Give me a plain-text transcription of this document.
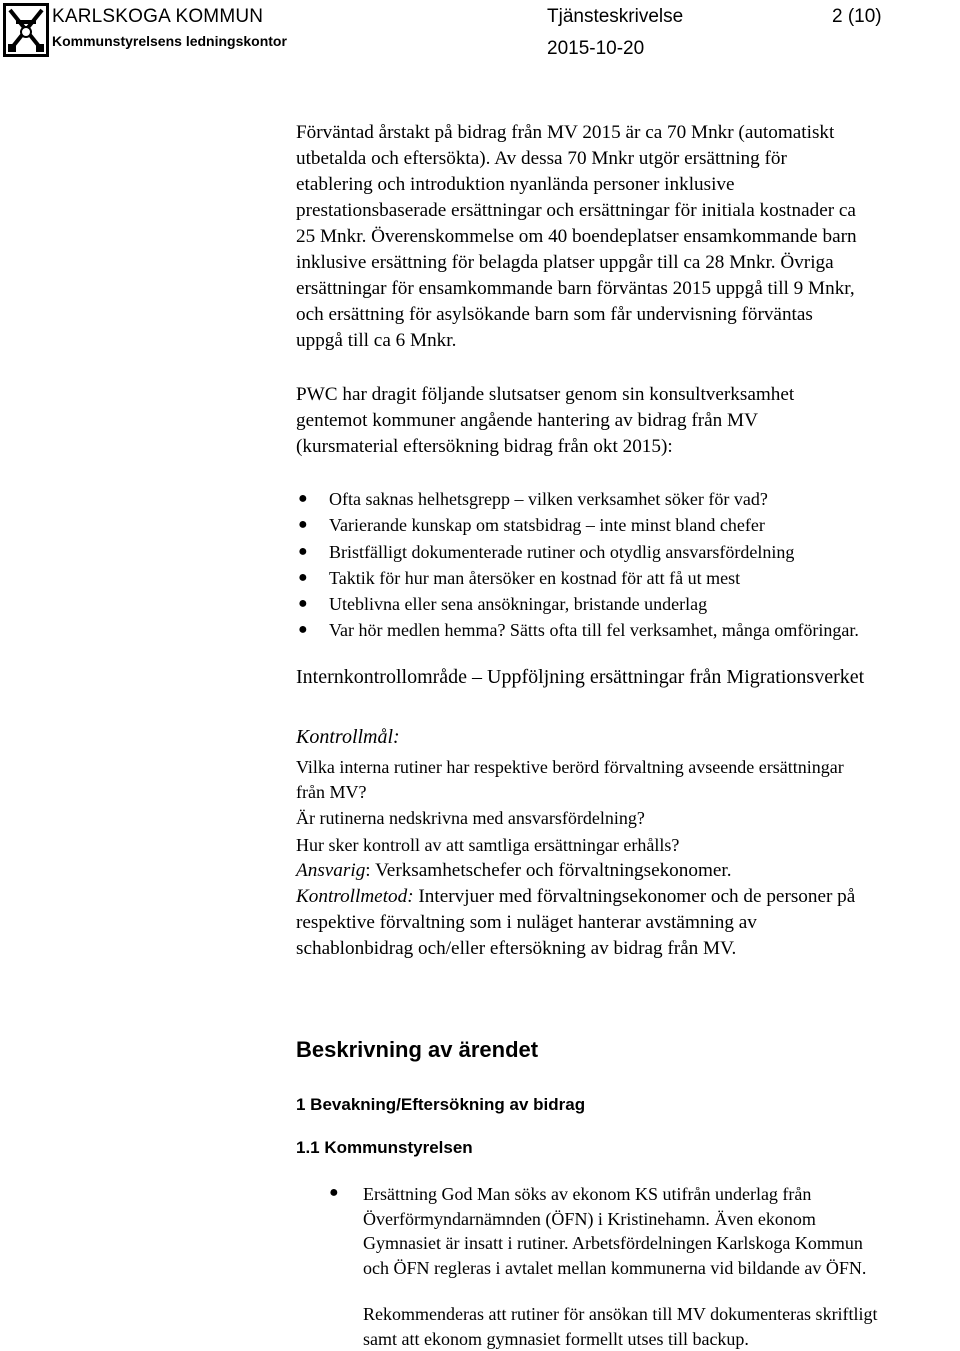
KARLSKOGA KOMMUN
Kommunstyrelsens ledningskontor
Tjänsteskrivelse	2 (10)
2015-10-20
Förväntad årstakt på bidrag från MV 2015 är ca 70 Mnkr (automatiskt
utbetalda och eftersökta). Av dessa 70 Mnkr utgör ersättning för
etablering och introduktion nyanlända personer inklusive
prestationsbaserade ersättningar och ersättningar för initiala kostnader ca
25 Mnkr. Överenskommelse om 40 boendeplatser ensamkommande barn
inklusive ersättning för belagda platser uppgår till ca 28 Mnkr. Övriga
ersättningar för ensamkommande barn förväntas 2015 uppgå till 9 Mnkr,
och ersättning för asylsökande barn som får undervisning förväntas
uppgå till ca 6 Mnkr.
PWC har dragit följande slutsatser genom sin konsultverksamhet
gentemot kommuner angående hantering av bidrag från MV
(kursmaterial eftersökning bidrag från okt 2015):
● Ofta saknas helhetsgrepp – vilken verksamhet söker för vad?
● Varierande kunskap om statsbidrag – inte minst bland chefer
● Bristfälligt dokumenterade rutiner och otydlig ansvarsfördelning
● Taktik för hur man återsöker en kostnad för att få ut mest
● Uteblivna eller sena ansökningar, bristande underlag
● Var hör medlen hemma? Sätts ofta till fel verksamhet, många omföringar.
Internkontrollområde – Uppföljning ersättningar från Migrationsverket
Kontrollmål:
Vilka interna rutiner har respektive berörd förvaltning avseende ersättningar
från MV?
Är rutinerna nedskrivna med ansvarsfördelning?
Hur sker kontroll av att samtliga ersättningar erhålls?
Ansvarig: Verksamhetschefer och förvaltningsekonomer.
Kontrollmetod: Intervjuer med förvaltningsekonomer och de personer på
respektive förvaltning som i nuläget hanterar avstämning av
schablonbidrag och/eller eftersökning av bidrag från MV.
Beskrivning av ärendet
1 Bevakning/Eftersökning av bidrag
1.1 Kommunstyrelsen
● Ersättning God Man söks av ekonom KS utifrån underlag från
Överförmyndarnämnden (ÖFN) i Kristinehamn. Även ekonom
Gymnasiet är insatt i rutiner. Arbetsfördelningen Karlskoga Kommun
och ÖFN regleras i avtalet mellan kommunerna vid bildande av ÖFN.
Rekommenderas att rutiner för ansökan till MV dokumenteras skriftligt
samt att ekonom gymnasiet formellt utses till backup.
